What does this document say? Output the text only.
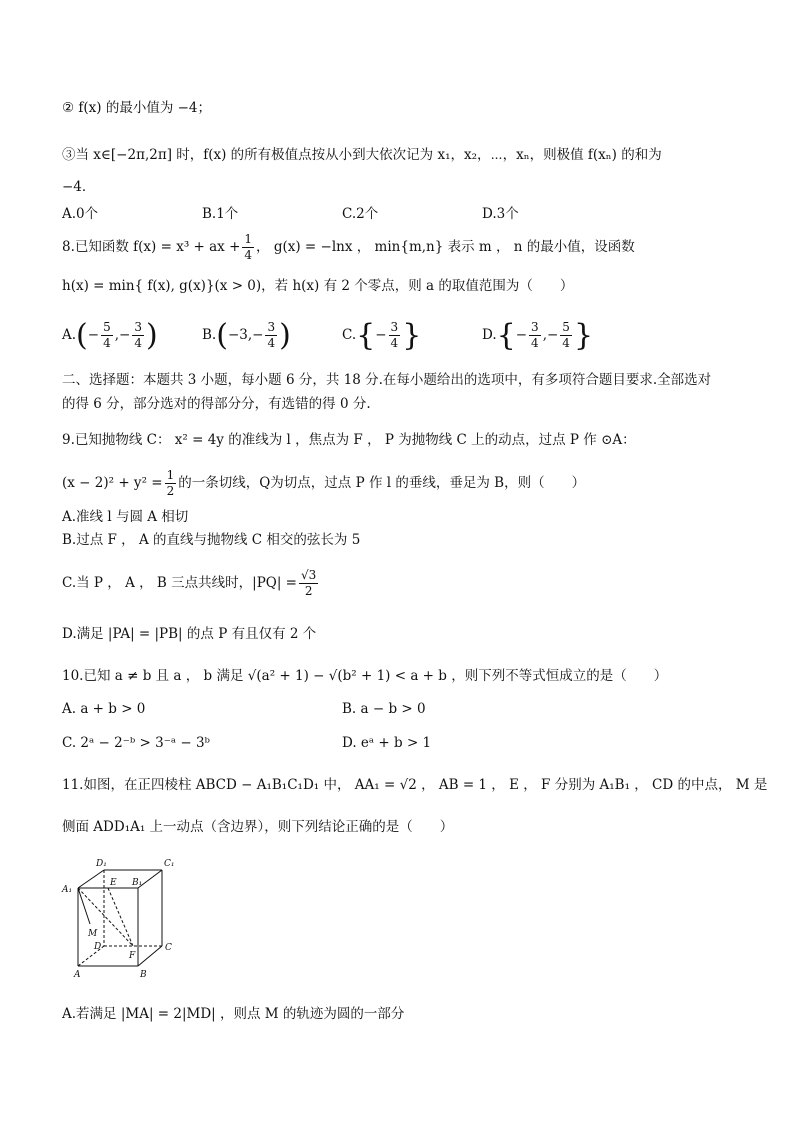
② f(x) 的最小值为 −4；
③当 x∈[−2π,2π] 时，f(x) 的所有极值点按从小到大依次记为 x₁，x₂，⋯，xₙ，则极值 f(xₙ) 的和为
−4．
A.0个	B.1个	C.2个	D.3个
8.已知函数 f(x) = x³ + ax + $\frac{1}{4}$ ， g(x) = −lnx ， min{m,n} 表示 m ， n 的最小值，设函数
h(x) = min{ f(x), g(x)}(x > 0)，若 h(x) 有 2 个零点，则 a 的取值范围为（　　）
$A.(- \frac{5}{4}$ ,− $\frac{3}{4}$ )	$B.(-3,- \frac{3}{4}$ )	$C.\{- \frac{3}{4}$ }	$D.\{- \frac{3}{4}$ ,− $\frac{5}{4}$ }
二、选择题：本题共 3 小题，每小题 6 分，共 18 分.在每小题给出的选项中，有多项符合题目要求.全部选对
的得 6 分，部分选对的得部分分，有选错的得 0 分.
9.已知抛物线 C： x² = 4y 的准线为 l ，焦点为 F ， P 为抛物线 C 上的动点，过点 P 作 ⊙A：
$(x - 2)^2 + y^2 = \frac{1}{2}$ 的一条切线，Q为切点，过点 P 作 l 的垂线，垂足为 B，则（　　）
A.准线 l 与圆 A 相切
B.过点 F ， A 的直线与抛物线 C 相交的弦长为 5
C.当 P ， A ， B 三点共线时，$|PQ| = \frac{√3}{2}$
D.满足 |PA| = |PB| 的点 P 有且仅有 2 个
10.已知 a ≠ b 且 a ， b 满足 √(a² + 1) − √(b² + 1) < a + b ，则下列不等式恒成立的是（　　）
A. a + b > 0	B. a − b > 0
C. 2ᵃ − 2⁻ᵇ > 3⁻ᵃ − 3ᵇ	D. eᵃ + b > 1
11.如图，在正四棱柱 ABCD − A₁B₁C₁D₁ 中， AA₁ = √2 ， AB = 1 ， E ， F 分别为 A₁B₁ ， CD 的中点， M 是
侧面 ADD₁A₁ 上一动点（含边界），则下列结论正确的是（　　）
D₁	C₁
A₁
E B₁
M
D	C
F
A	B
A.若满足 |MA| = 2|MD| ，则点 M 的轨迹为圆的一部分
